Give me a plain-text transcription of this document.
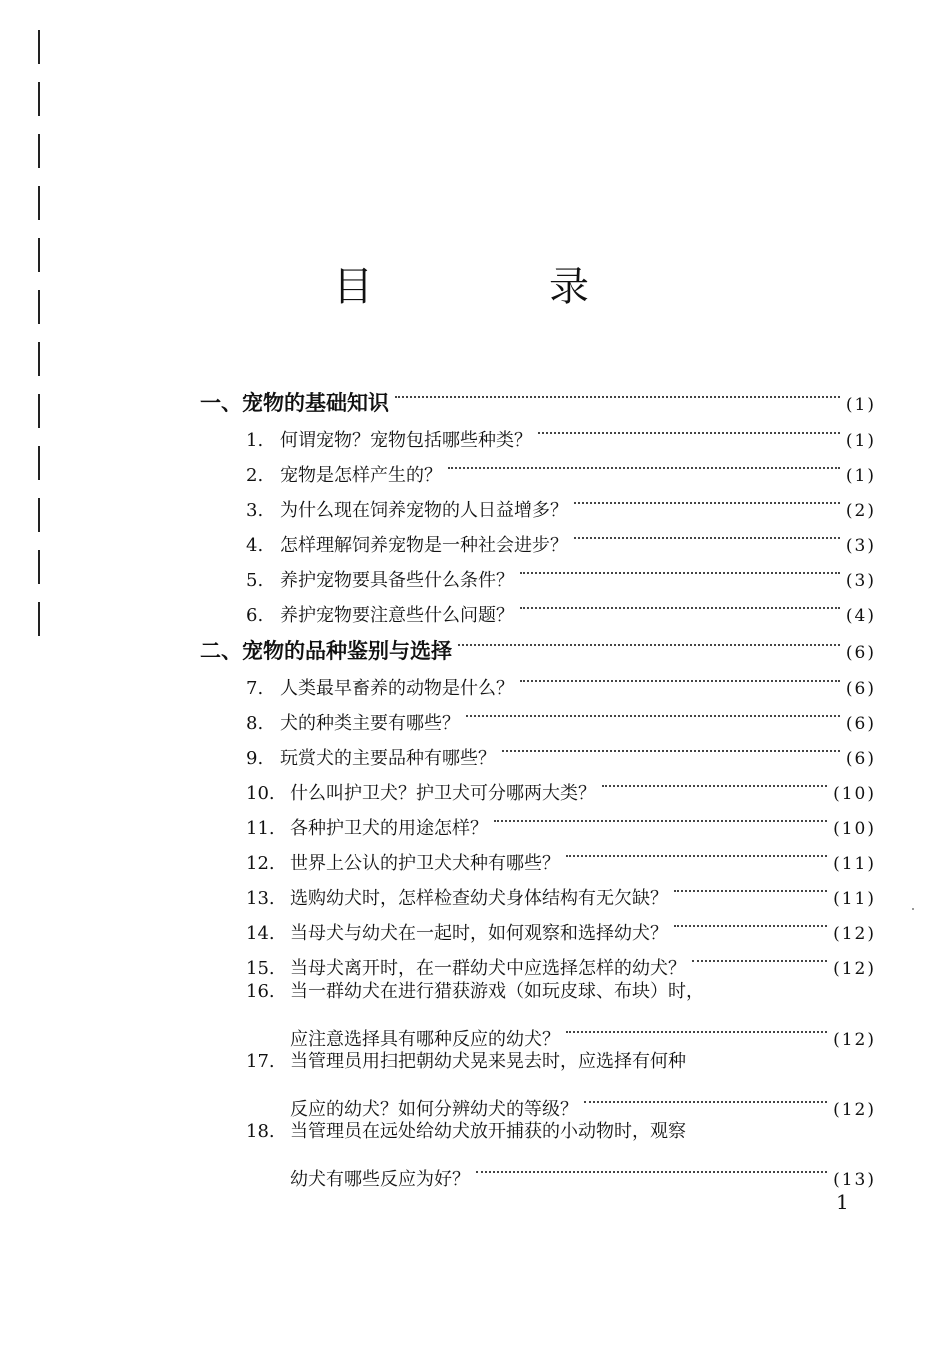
目　录
一、 宠物的基础知识	(1)
1. 何谓宠物？宠物包括哪些种类？	(1)
2. 宠物是怎样产生的？	(1)
3. 为什么现在饲养宠物的人日益增多？	(2)
4. 怎样理解饲养宠物是一种社会进步？	(3)
5. 养护宠物要具备些什么条件？	(3)
6. 养护宠物要注意些什么问题？	(4)
二、 宠物的品种鉴别与选择	(6)
7. 人类最早畜养的动物是什么？	(6)
8. 犬的种类主要有哪些？	(6)
9. 玩赏犬的主要品种有哪些？	(6)
10. 什么叫护卫犬？护卫犬可分哪两大类？	(10)
11. 各种护卫犬的用途怎样？	(10)
12. 世界上公认的护卫犬犬种有哪些？	(11)
13. 选购幼犬时，怎样检查幼犬身体结构有无欠缺？	(11)
14. 当母犬与幼犬在一起时，如何观察和选择幼犬？	(12)
15. 当母犬离开时，在一群幼犬中应选择怎样的幼犬？	(12)
16. 当一群幼犬在进行猎获游戏（如玩皮球、布块）时，
应注意选择具有哪种反应的幼犬？	(12)
17. 当管理员用扫把朝幼犬晃来晃去时，应选择有何种
反应的幼犬？如何分辨幼犬的等级？	(12)
18. 当管理员在远处给幼犬放开捕获的小动物时，观察
幼犬有哪些反应为好？	(13)
1
